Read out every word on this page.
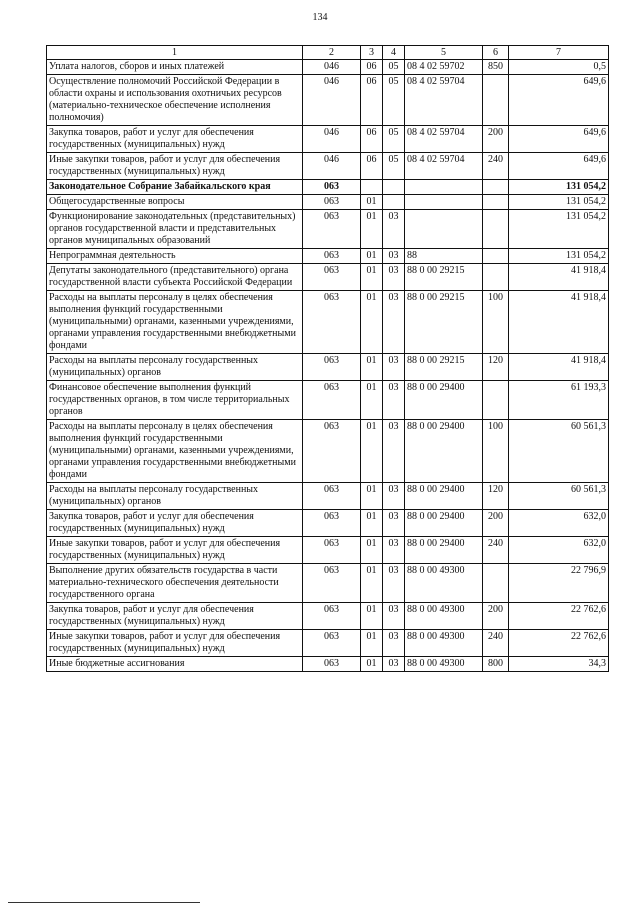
134
1	2	3	4	5	6	7
Уплата налогов, сборов и иных платежей	046	06	05	08 4 02 59702	850	0,5
Осуществление полномочий Российской Федерации в области охраны и использования охотничьих ресурсов (материально-техническое обеспечение исполнения полномочия)	046	06	05	08 4 02 59704		649,6
Закупка товаров, работ и услуг для обеспечения государственных (муниципальных) нужд	046	06	05	08 4 02 59704	200	649,6
Иные закупки товаров, работ и услуг для обеспечения государственных (муниципальных) нужд	046	06	05	08 4 02 59704	240	649,6
Законодательное Собрание Забайкальского края	063					131 054,2
Общегосударственные вопросы	063	01				131 054,2
Функционирование законодательных (представительных) органов государственной власти и представительных органов муниципальных образований	063	01	03			131 054,2
Непрограммная деятельность	063	01	03	88		131 054,2
Депутаты законодательного (представительного) органа государственной власти субъекта Российской Федерации	063	01	03	88 0 00 29215		41 918,4
Расходы на выплаты персоналу в целях обеспечения выполнения функций государственными (муниципальными) органами, казенными учреждениями, органами управления государственными внебюджетными фондами	063	01	03	88 0 00 29215	100	41 918,4
Расходы на выплаты персоналу государственных (муниципальных) органов	063	01	03	88 0 00 29215	120	41 918,4
Финансовое обеспечение выполнения функций государственных органов, в том числе территориальных органов	063	01	03	88 0 00 29400		61 193,3
Расходы на выплаты персоналу в целях обеспечения выполнения функций государственными (муниципальными) органами, казенными учреждениями, органами управления государственными внебюджетными фондами	063	01	03	88 0 00 29400	100	60 561,3
Расходы на выплаты персоналу государственных (муниципальных) органов	063	01	03	88 0 00 29400	120	60 561,3
Закупка товаров, работ и услуг для обеспечения государственных (муниципальных) нужд	063	01	03	88 0 00 29400	200	632,0
Иные закупки товаров, работ и услуг для обеспечения государственных (муниципальных) нужд	063	01	03	88 0 00 29400	240	632,0
Выполнение других обязательств государства в части материально-технического обеспечения деятельности государственного органа	063	01	03	88 0 00 49300		22 796,9
Закупка товаров, работ и услуг для обеспечения государственных (муниципальных) нужд	063	01	03	88 0 00 49300	200	22 762,6
Иные закупки товаров, работ и услуг для обеспечения государственных (муниципальных) нужд	063	01	03	88 0 00 49300	240	22 762,6
Иные бюджетные ассигнования	063	01	03	88 0 00 49300	800	34,3
